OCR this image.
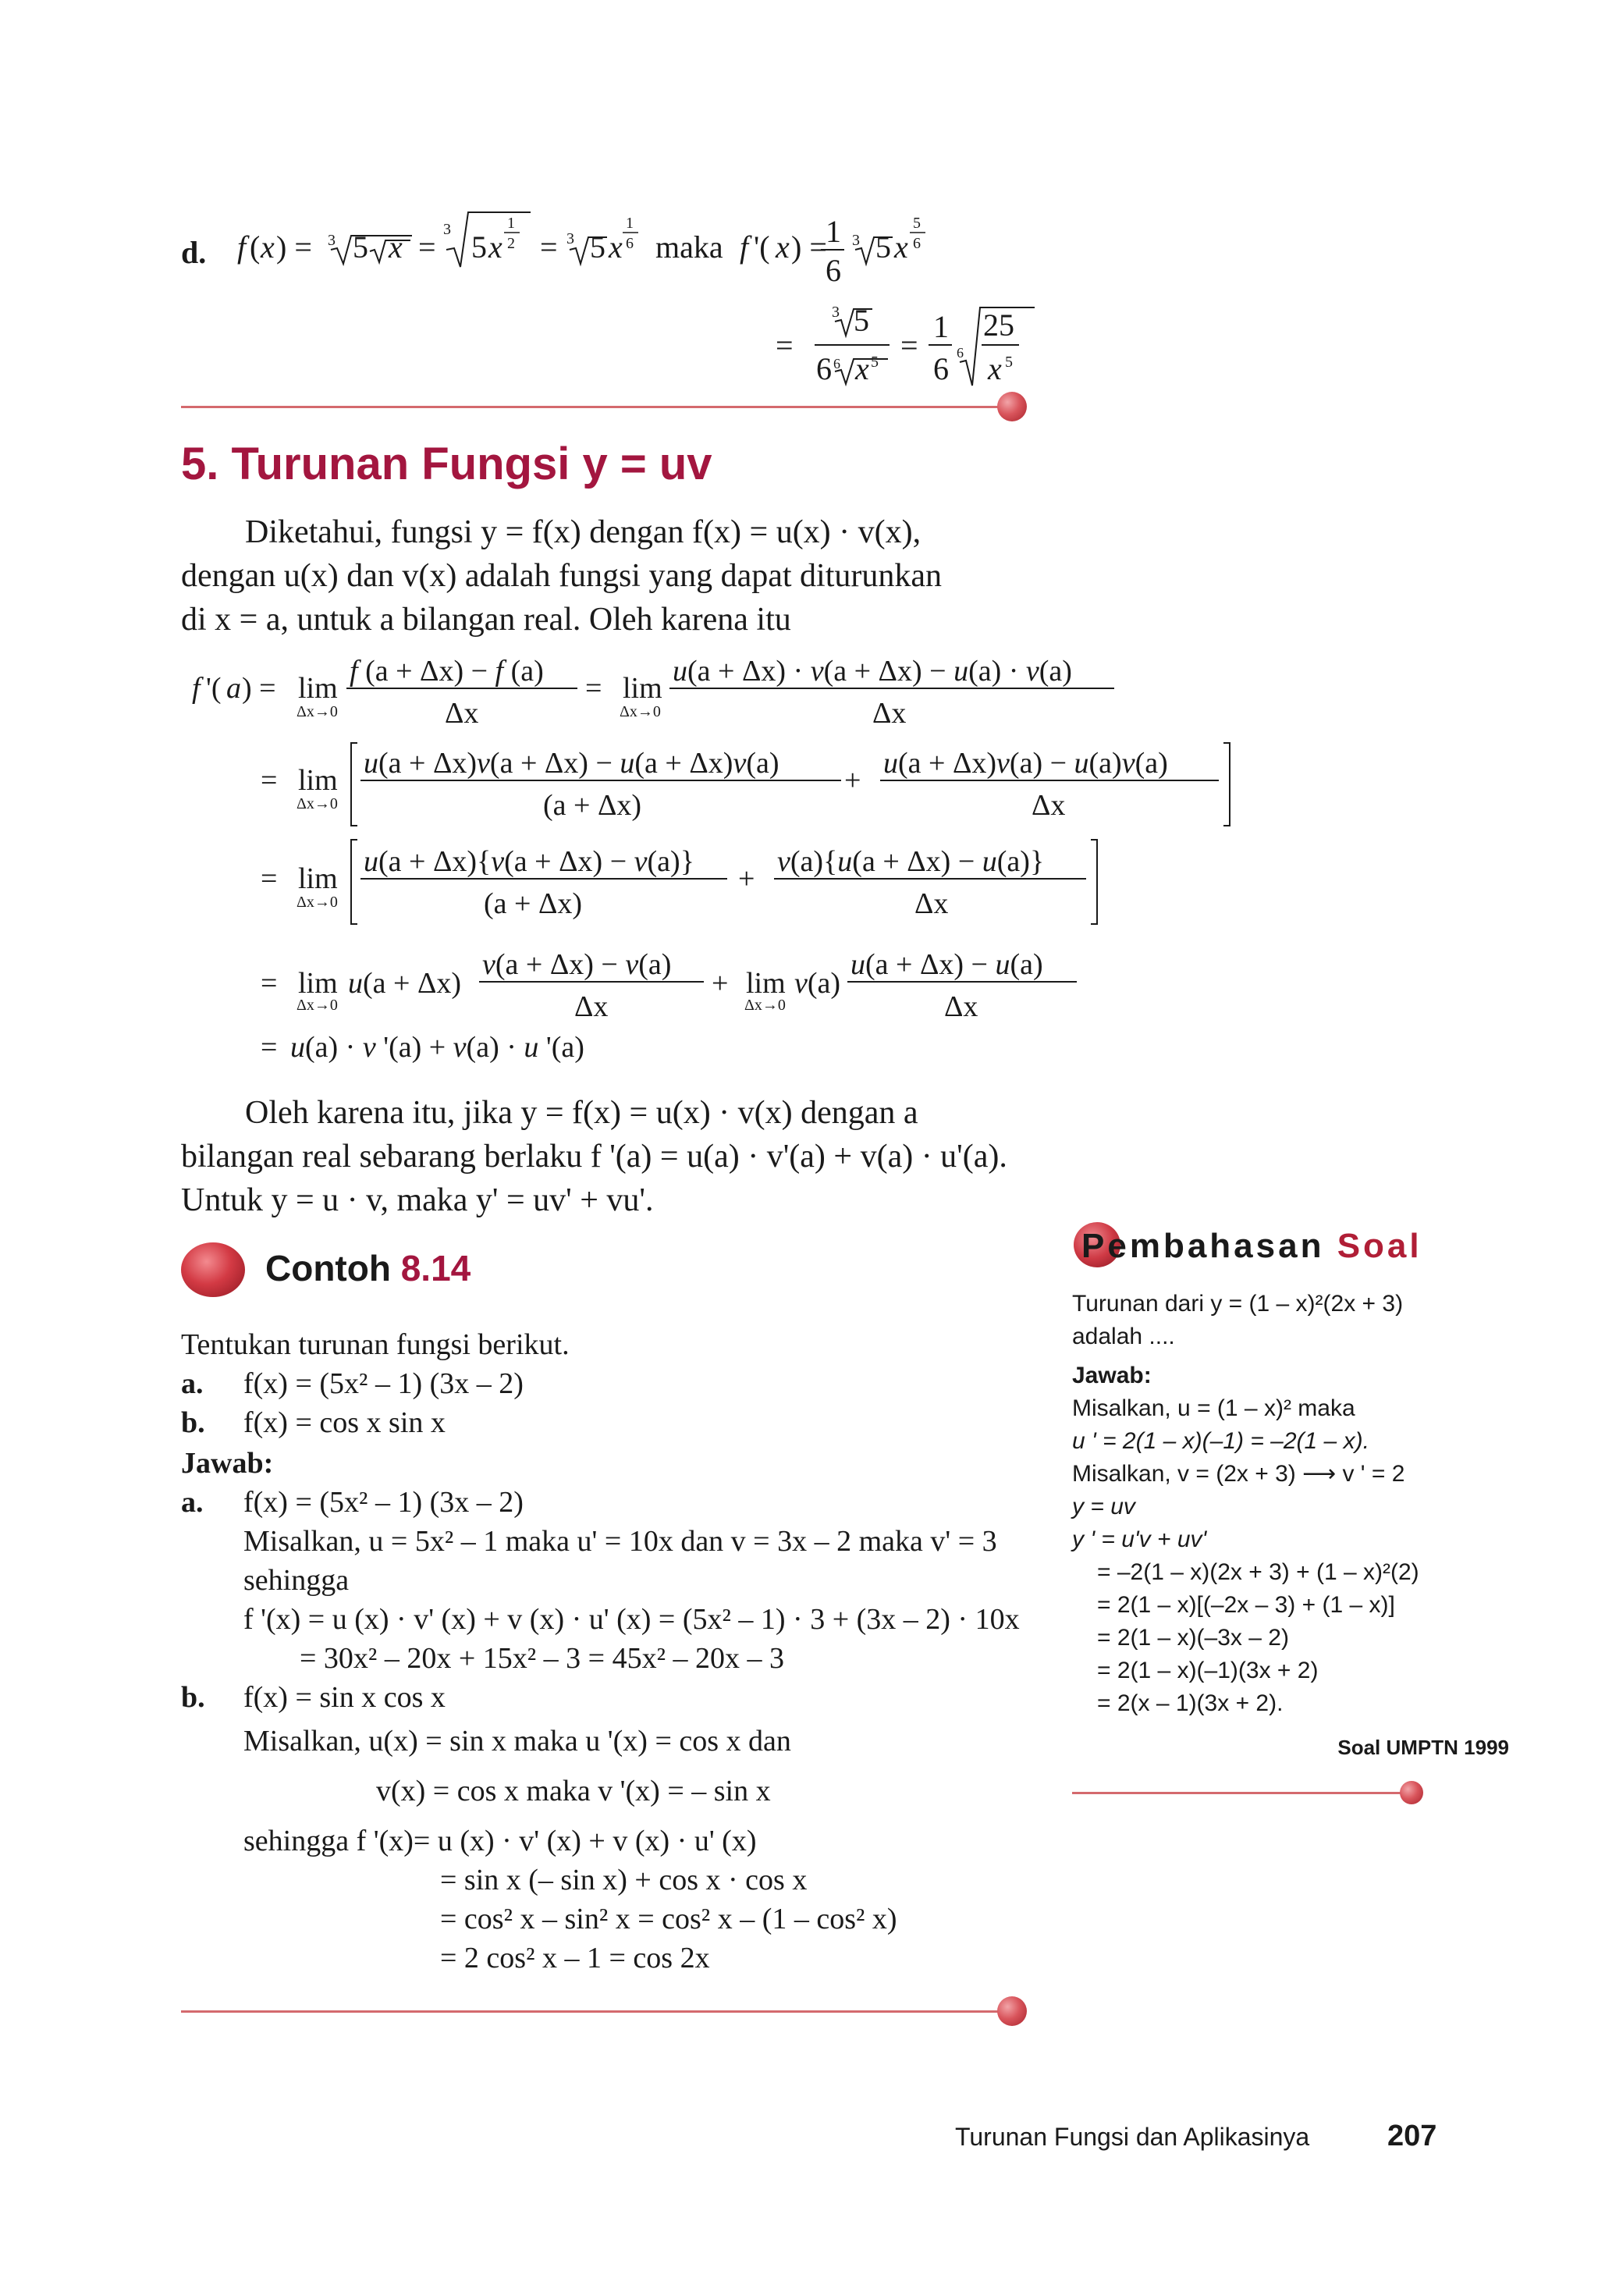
d. f ( x ) = 3 5 x = 3 5 x
1
2 = 3 5 x
1
6 maka f '( x ) =
1
6
3 5 x
5
6
=
3 5
6 6 x 5 =
1
6 6
25
x 5
5. Turunan Fungsi y = uv
Diketahui, fungsi y = f(x) dengan f(x) = u(x) · v(x),
dengan u(x) dan v(x) adalah fungsi yang dapat diturunkan
di x = a, untuk a bilangan real. Oleh karena itu
f '( a ) = lim
Δx→0
f (a + Δx) − f (a)
Δx
= lim
Δx→0
u(a + Δx) · v(a + Δx) − u(a) · v(a)
Δx
= lim
Δx→0
u(a + Δx)v(a + Δx) − u(a + Δx)v(a)
(a + Δx)
+
u(a + Δx)v(a) − u(a)v(a)
Δx
= lim
Δx→0
u(a + Δx){v(a + Δx) − v(a)}
(a + Δx)
+
v(a){u(a + Δx) − u(a)}
Δx
= lim
Δx→0
u(a + Δx)
v(a + Δx) − v(a)
Δx
+ lim
Δx→0
v(a)
u(a + Δx) − u(a)
Δx
= u(a) · v '(a) + v(a) · u '(a)
Oleh karena itu, jika y = f(x) = u(x) · v(x) dengan a
bilangan real sebarang berlaku f '(a) = u(a) · v'(a) + v(a) · u'(a).
Untuk y = u · v, maka y' = uv' + vu'.
Contoh 8.14
Tentukan turunan fungsi berikut.
a.	f(x) = (5x² – 1) (3x – 2)
b.	f(x) = cos x sin x
Jawab:
a.	f(x) = (5x² – 1) (3x – 2)
Misalkan, u = 5x² – 1 maka u' = 10x dan v = 3x – 2 maka v' = 3
sehingga
f '(x) = u (x) · v' (x) + v (x) · u' (x) = (5x² – 1) · 3 + (3x – 2) · 10x
= 30x² – 20x + 15x² – 3 = 45x² – 20x – 3
b.	f(x) = sin x cos x
Misalkan, u(x) = sin x maka u '(x) = cos x dan
v(x) = cos x maka v '(x) = – sin x
sehingga f '(x)= u (x) · v' (x) + v (x) · u' (x)
= sin x (– sin x) + cos x · cos x
= cos² x – sin² x = cos² x – (1 – cos² x)
= 2 cos² x – 1 = cos 2x
Pembahasan Soal
Turunan dari y = (1 – x)²(2x + 3)
adalah ....
Jawab:
Misalkan, u = (1 – x)² maka
u ' = 2(1 – x)(–1) = –2(1 – x).
Misalkan, v = (2x + 3) ⟶ v ' = 2
y = uv
y ' = u'v + uv'
= –2(1 – x)(2x + 3) + (1 – x)²(2)
= 2(1 – x)[(–2x – 3) + (1 – x)]
= 2(1 – x)(–3x – 2)
= 2(1 – x)(–1)(3x + 2)
= 2(x – 1)(3x + 2).
Soal UMPTN 1999
Turunan Fungsi dan Aplikasinya	207
